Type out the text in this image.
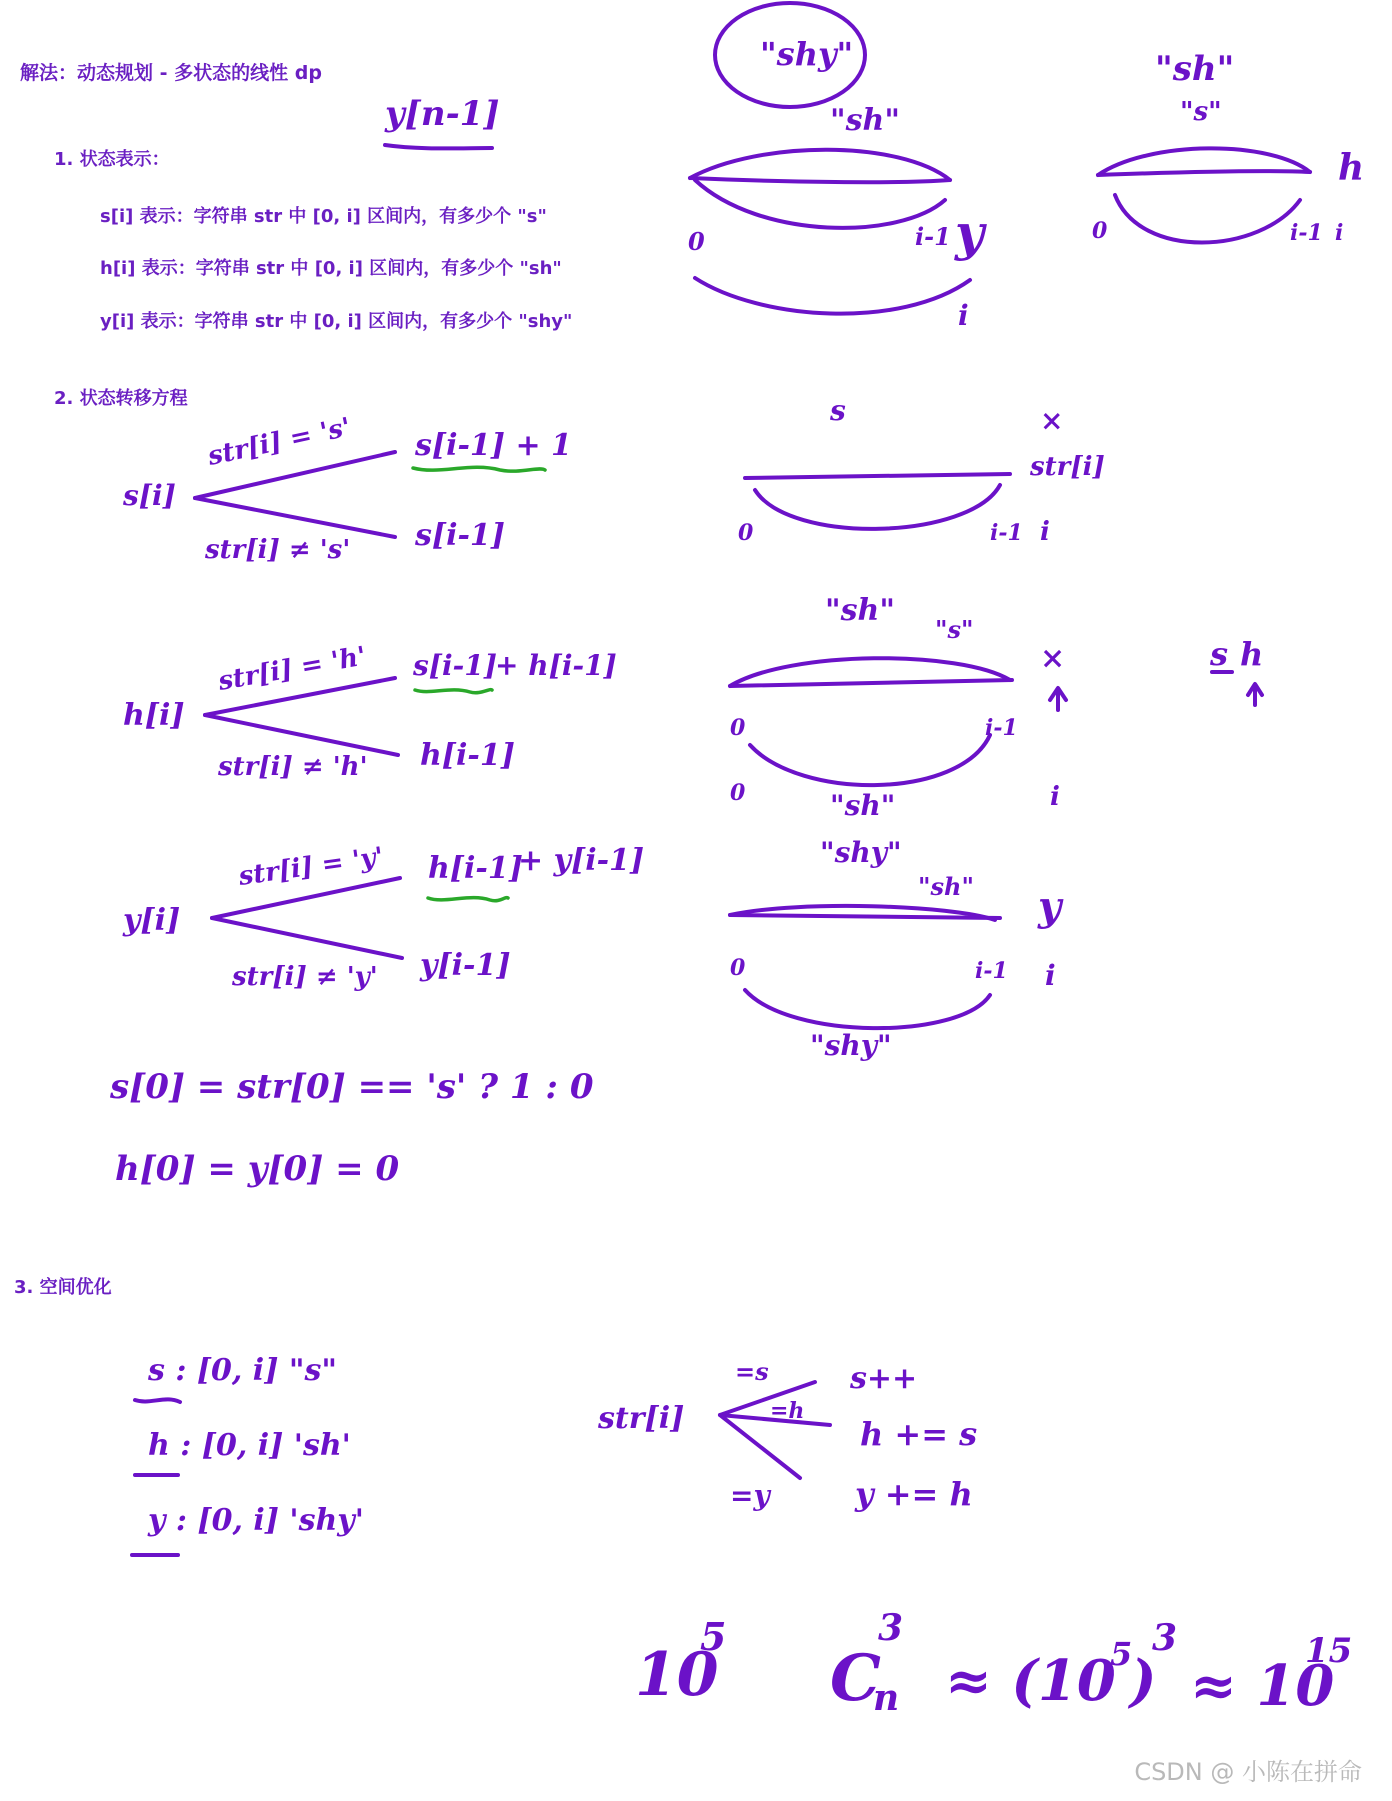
解法：动态规划 - 多状态的线性 dp
1. 状态表示：
s[i] 表示：字符串 str 中 [0, i] 区间内，有多少个 "s"
h[i] 表示：字符串 str 中 [0, i] 区间内，有多少个 "sh"
y[i] 表示：字符串 str 中 [0, i] 区间内，有多少个 "shy"
2. 状态转移方程
3. 空间优化
y[n-1]
"shy"
"sh"
0	i-1 y
i
"sh"
"s"
0	i-1 i
h
s[i]
str[i] = 's'
str[i] ≠ 's'
s[i-1] + 1
s[i-1]
s	×
str[i]
0	i-1 i
h[i]
str[i] = 'h'
str[i] ≠ 'h'
s[i-1]
+ h[i-1]
h[i-1]
"sh"
"s"
×
0	i-1
0	"sh"	i
s h
y[i]
str[i] = 'y'
str[i] ≠ 'y'
h[i-1]
+ y[i-1]
y[i-1]
"shy"
"sh" y
0	i-1 i
"shy"
s[0] = str[0] == 's' ? 1 : 0
h[0] = y[0] = 0
s : [0, i] "s"
h : [0, i] 'sh'
y : [0, i] 'shy'
str[i]
=s
=h
=y
s++
h += s
y += h
10
5
C
n
3
≈ (10
5
)
3
≈ 10
15
CSDN @ 小陈在拼命
